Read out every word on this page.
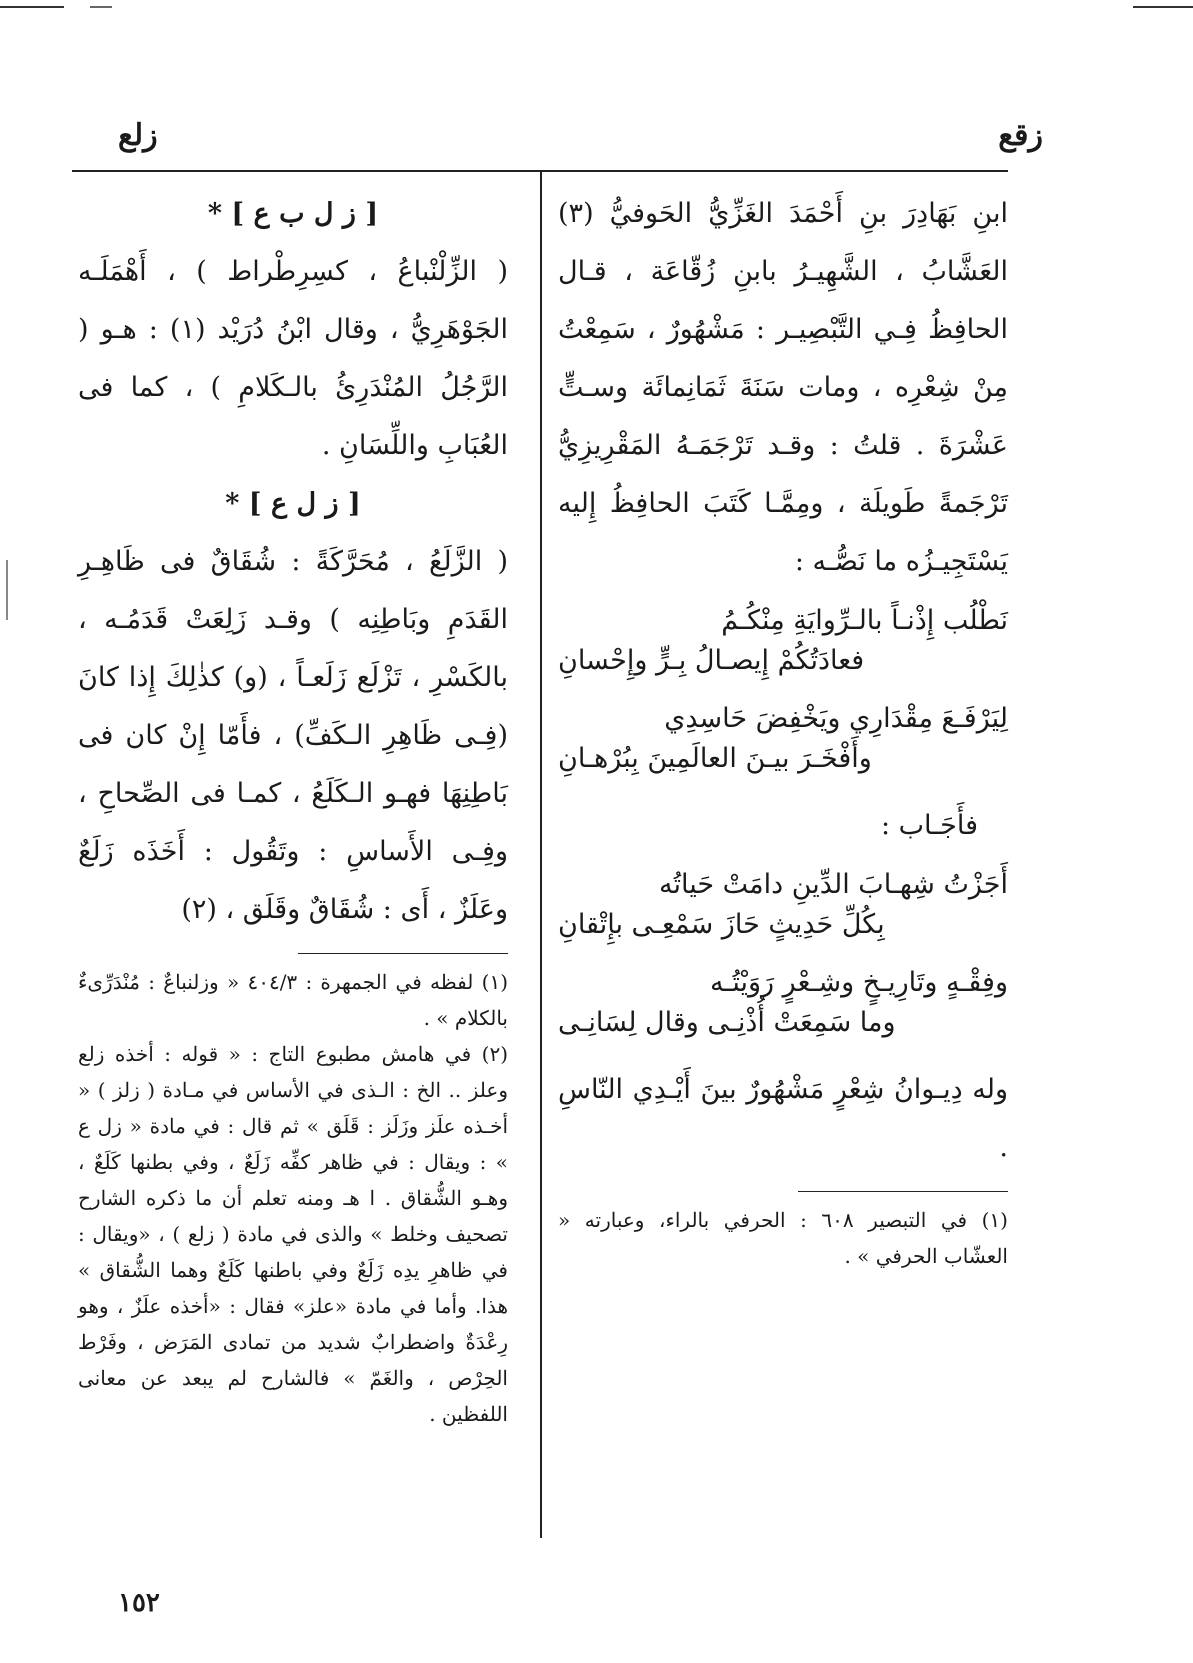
زقع
زلع

ابنِ بَهَادِرَ بنِ أَحْمَدَ الغَزِّيُّ الحَوفيُّ (٣) العَشَّابُ ، الشَّهِيـرُ بابنِ زُقّاعَة ، قـال الحافِظُ فِـي التَّبْصِيـر : مَشْهُورٌ ، سَمِعْتُ مِنْ شِعْرِه ، ومات سَنَةَ ثَمَانِمائَة وسـتٍّ عَشْرَةَ . قلتُ : وقـد تَرْجَمَـهُ المَقْرِيزِيُّ تَرْجَمةً طَويلَة ، ومِمَّـا كَتَبَ الحافِظُ إِليه يَسْتَجِيـزُه ما نَصُّـه :

نَطْلُب إِذْنـاً بالـرِّوايَةِ مِنْكُـمُ
فعادَتُكُمْ إِيصـالُ بِـرٍّ وإِحْسانِ

لِيَرْفَـعَ مِقْدَارِي ويَخْفِضَ حَاسِدِي
وأَفْخَـرَ بيـنَ العالَمِينَ بِبُرْهـانِ

فأَجَـاب :

أَجَزْتُ شِهـابَ الدِّينِ دامَتْ حَياتُه
بِكُلِّ حَدِيثٍ حَازَ سَمْعِـى بإِتْقانِ

وفِقْـهٍ وتَارِيـخٍ وشِـعْرٍ رَوَيْتُـه
وما سَمِعَتْ أُذْنِـى وقال لِسَانِـى

وله دِيـوانُ شِعْرٍ مَشْهُورٌ بينَ أَيْـدِي النّاسِ .

(١) في التبصير ٦٠٨ : الحرفي بالراء، وعبارته « العشّاب الحرفي » .

[ ز ل ب ع ] *

( الزِّلْنْباعُ ، كسِرِطْراط ) ، أَهْمَلَـه الجَوْهَرِيُّ ، وقال ابْنُ دُرَيْد (١) : هـو ( الرَّجُلُ المُنْدَرِئُ بالـكَلامِ ) ، كما فى العُبَابِ واللِّسَانِ .

[ ز ل ع ] *

( الزَّلَعُ ، مُحَرَّكَةً : شُقَاقٌ فى ظَاهِـرِ القَدَمِ وبَاطِنِه ) وقـد زَلِعَتْ قَدَمُـه ، بالكَسْرِ ، تَزْلَع زَلَعـاً ، (و) كذٰلِكَ إِذا كانَ (فِـى ظَاهِرِ الـكَفِّ) ، فأَمّا إِنْ كان فى بَاطِنِهَا فهـو الـكَلَعُ ، كمـا فى الصِّحاحِ ، وفِـى الأَساسِ : وتَقُول : أَخَذَه زَلَعٌ وعَلَزٌ ، أَى : شُقَاقٌ وقَلَق ، (٢)

(١) لفظه في الجمهرة : ٤٠٤/٣ « وزلنباعٌ : مُنْدَرِّىءٌ بالكلام » .

(٢) في هامش مطبوع التاج : « قوله : أخذه زلع وعلز .. الخ : الـذى في الأساس في مـادة ( زلز ) « أخـذه علَز وزَلَز : قَلَق » ثم قال : في مادة « زل ع » : ويقال : في ظاهر كفِّه زَلَعٌ ، وفي بطنها كَلَعٌ ، وهـو الشُّقاق . ا هـ ومنه تعلم أن ما ذكره الشارح تصحيف وخلط » والذى في مادة ( زلع ) ، «ويقال : في ظاهرِ يدِه زَلَعٌ وفي باطنها كَلَعٌ وهما الشُّقاق » هذا. وأما في مادة «علز» فقال : «أخذه علَزٌ ، وهو رِعْدَةٌ واضطرابٌ شديد من تمادى المَرَض ، وفَرْط الحِرْص ، والغَمّ » فالشارح لم يبعد عن معانى اللفظين .

١٥٢
